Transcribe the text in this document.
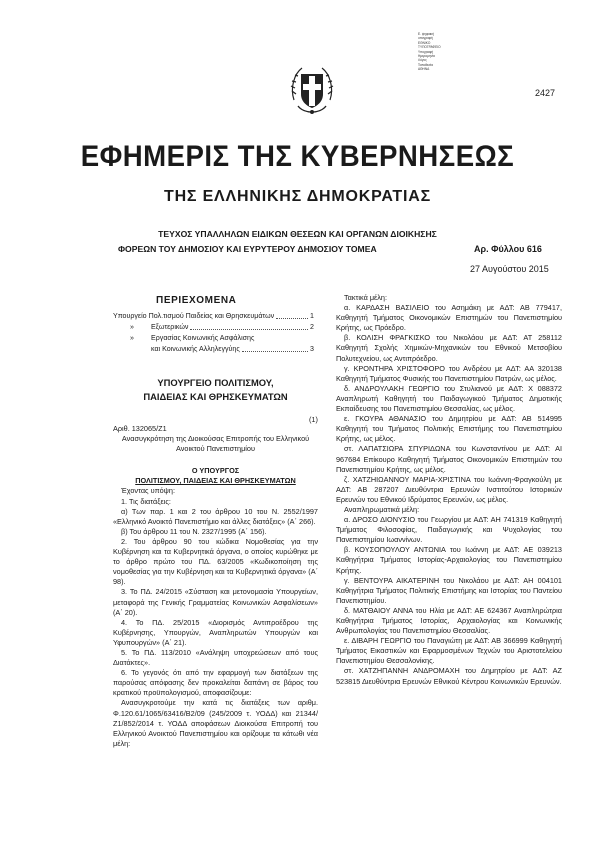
Ε. ψηφιακή
υπογραφή
ΕΘΝΙΚΟ
ΤΥΠΟΓΡΑΦΕΙΟ
Υπογραφή
Ημερομηνία
Λόγος
Τοποθεσία
ΑΘΗΝΑ
2427
ΕΦΗΜΕΡΙΣ ΤΗΣ ΚΥΒΕΡΝΗΣΕΩΣ
ΤΗΣ ΕΛΛΗΝΙΚΗΣ ΔΗΜΟΚΡΑΤΙΑΣ
ΤΕΥΧΟΣ ΥΠΑΛΛΗΛΩΝ ΕΙΔΙΚΩΝ ΘΕΣΕΩΝ ΚΑΙ ΟΡΓΑΝΩΝ ΔΙΟΙΚΗΣΗΣ
ΦΟΡΕΩΝ ΤΟΥ ΔΗΜΟΣΙΟΥ ΚΑΙ ΕΥΡΥΤΕΡΟΥ ΔΗΜΟΣΙΟΥ ΤΟΜΕΑ	Αρ. Φύλλου 616
27 Αυγούστου 2015
ΠΕΡΙΕΧΟΜΕΝΑ
Υπουργείο Πολ.τισμού Παιδείας και Θρησκευμάτων	1
»	Εξωτερικών	2
»	Εργασίας Κοινωνικής Ασφάλισης
και Κοινωνικής Αλληλεγγύης	3
ΥΠΟΥΡΓΕΙΟ ΠΟΛΙΤΙΣΜΟΥ,
ΠΑΙΔΕΙΑΣ ΚΑΙ ΘΡΗΣΚΕΥΜΑΤΩΝ
(1)

Αριθ. 132065/Ζ1

Ανασυγκρότηση της Διοικούσας Επιτροπής του Ελληνικού Ανοικτού Πανεπιστημίου

Ο ΥΠΟΥΡΓΟΣ

ΠΟΛΙΤΙΣΜΟΥ, ΠΑΙΔΕΙΑΣ ΚΑΙ ΘΡΗΣΚΕΥΜΑΤΩΝ

Έχοντας υπόψη:

1. Τις διατάξεις:

α) Των παρ. 1 και 2 του άρθρου 10 του Ν. 2552/1997 «Ελληνικό Ανοικτό Πανεπιστήμιο και άλλες διατάξεις» (Α΄ 266).

β) Του άρθρου 11 του Ν. 2327/1995 (Α΄ 156).

2. Του άρθρου 90 του κώδικα Νομοθεσίας για την Κυβέρνηση και τα Κυβερνητικά όργανα, ο οποίος κυρώθηκε με το άρθρο πρώτο του ΠΔ. 63/2005 «Κωδικοποίηση της νομοθεσίας για την Κυβέρνηση και τα Κυβερνητικά όργανα» (Α΄ 98).

3. Το ΠΔ. 24/2015 «Σύσταση και μετονομασία Υπουργείων, μεταφορά της Γενικής Γραμματείας Κοινωνικών Ασφαλίσεων» (Α΄ 20).

4. Το ΠΔ. 25/2015 «Διορισμός Αντιπροέδρου της Κυβέρνησης, Υπουργών, Αναπληρωτών Υπουργών και Υφυπουργών» (Α΄ 21).

5. Το ΠΔ. 113/2010 «Ανάληψη υποχρεώσεων από τους Διατάκτες».

6. Το γεγονός ότι από την εφαρμογή των διατάξεων της παρούσας απόφασης δεν προκαλείται δαπάνη σε βάρος του κρατικού προϋπολογισμού, αποφασίζουμε:

Ανασυγκροτούμε την κατά τις διατάξεις των αριθμ. Φ.120.61/1065/63416/Β2/09 (245/2009 τ. ΥΟΔΔ) και 21344/Ζ1/852/2014 τ. ΥΟΔΔ αποφάσεων Διοικούσα Επιτροπή του Ελληνικού Ανοικτού Πανεπιστημίου και ορίζουμε τα κάτωθι νέα μέλη:

Τακτικά μέλη:

α. ΚΑΡΔΑΣΗ ΒΑΣΙΛΕΙΟ του Ασημάκη με ΑΔΤ: ΑΒ 779417, Καθηγητή Τμήματος Οικονομικών Επιστημών του Πανεπιστημίου Κρήτης, ως Πρόεδρο.

β. ΚΟΛΙΣΗ ΦΡΑΓΚΙΣΚΟ του Νικολάου με ΑΔΤ: ΑΤ 258112 Καθηγητή Σχολής Χημικών-Μηχανικών του Εθνικού Μετσοβίου Πολυτεχνείου, ως Αντιπρόεδρο.

γ. ΚΡΟΝΤΗΡΑ ΧΡΙΣΤΟΦΟΡΟ του Ανδρέου με ΑΔΤ: ΑΑ 320138 Καθηγητή Τμήματος Φυσικής του Πανεπιστημίου Πατρών, ως μέλος.

δ. ΑΝΔΡΟΥΛΑΚΗ ΓΕΩΡΓΙΟ του Στυλιανού με ΑΔΤ: Χ 088372 Αναπληρωτή Καθηγητή του Παιδαγωγικού Τμήματος Δημοτικής Εκπαίδευσης του Πανεπιστημίου Θεσσαλίας, ως μέλος.

ε. ΓΚΟΥΡΑ ΑΘΑΝΑΣΙΟ του Δημητρίου με ΑΔΤ: ΑΒ 514995 Καθηγητή του Τμήματος Πολιτικής Επιστήμης του Πανεπιστημίου Κρήτης, ως μέλος.

στ. ΛΑΠΑΤΣΙΩΡΑ ΣΠΥΡΙΔΩΝΑ του Κωνσταντίνου με ΑΔΤ: ΑΙ 967684 Επίκουρο Καθηγητή Τμήματος Οικονομικών Επιστημών του Πανεπιστημίου Κρήτης, ως μέλος.

ζ. ΧΑΤΖΗΙΩΑΝΝΟΥ ΜΑΡΙΑ-ΧΡΙΣΤΙΝΑ του Ιωάννη-Φραγκούλη με ΑΔΤ: ΑΒ 287207 Διευθύντρια Ερευνών Ινστιτούτου Ιστορικών Ερευνών του Εθνικού Ιδρύματος Ερευνών, ως μέλος.

Αναπληρωματικά μέλη:

α. ΔΡΟΣΟ ΔΙΟΝΥΣΙΟ του Γεωργίου με ΑΔΤ: ΑΗ 741319 Καθηγητή Τμήματος Φιλοσοφίας, Παιδαγωγικής και Ψυχολογίας του Πανεπιστημίου Ιωαννίνων.

β. ΚΟΥΣΟΠΟΥΛΟΥ ΑΝΤΩΝΙΑ του Ιωάννη με ΑΔΤ: ΑΕ 039213 Καθηγήτρια Τμήματος Ιστορίας-Αρχαιολογίας του Πανεπιστημίου Κρήτης.

γ. ΒΕΝΤΟΥΡΑ ΑΙΚΑΤΕΡΙΝΗ του Νικολάου με ΑΔΤ: ΑΗ 004101 Καθηγήτρια Τμήματος Πολιτικής Επιστήμης και Ιστορίας του Παντείου Πανεπιστημίου.

δ. ΜΑΤΘΑΙΟΥ ΑΝΝΑ του Ηλία με ΑΔΤ: ΑΕ 624367 Αναπληρώτρια Καθηγήτρια Τμήματος Ιστορίας, Αρχαιολογίας και Κοινωνικής Ανθρωπολογίας του Πανεπιστημίου Θεσσαλίας.

ε. ΔΙΒΑΡΗ ΓΕΩΡΓΙΟ του Παναγιώτη με ΑΔΤ: ΑΒ 366999 Καθηγητή Τμήματος Εικαστικών και Εφαρμοσμένων Τεχνών του Αριστοτελείου Πανεπιστημίου Θεσσαλονίκης.

στ. ΧΑΤΖΗΠΑΝΝΗ ΑΝΔΡΟΜΑΧΗ του Δημητρίου με ΑΔΤ: ΑΖ 523815 Διευθύντρια Ερευνών Εθνικού Κέντρου Κοινωνικών Ερευνών.
